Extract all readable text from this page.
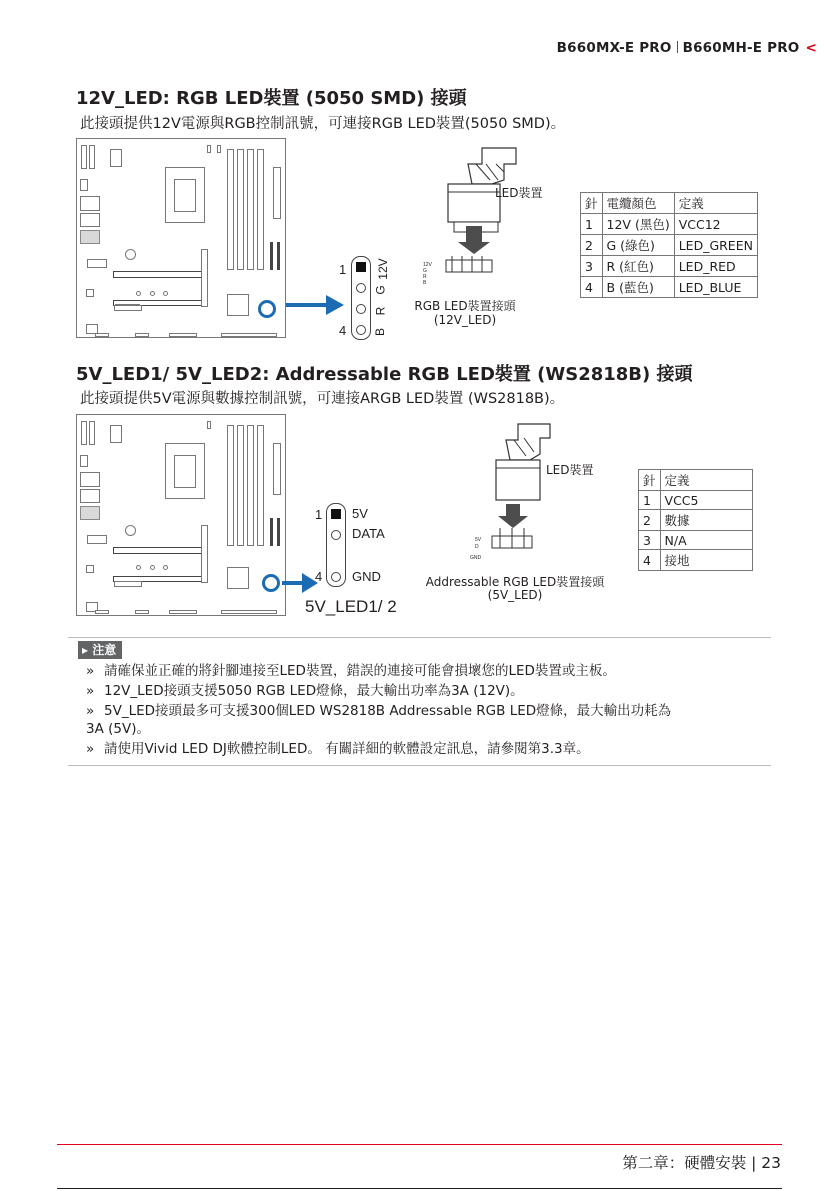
B660MX-E PRO B660MH-E PRO <
12V_LED: RGB LED裝置 (5050 SMD) 接頭
此接頭提供12V電源與RGB控制訊號，可連接RGB LED裝置(5050 SMD)。
1
4
12V
G
R
B
12V
G
R
B
LED裝置
RGB LED裝置接頭
(12V_LED)
針	電纜顏色	定義
1	12V (黑色)	VCC12
2	G (綠色)	LED_GREEN
3	R (紅色)	LED_RED
4	B (藍色)	LED_BLUE
5V_LED1/ 5V_LED2: Addressable RGB LED裝置 (WS2818B) 接頭
此接頭提供5V電源與數據控制訊號，可連接ARGB LED裝置 (WS2818B)。
1
4
5V
DATA
GND
5V_LED1/ 2
5V
D
GND
LED裝置
Addressable RGB LED裝置接頭
(5V_LED)
針	定義
1	VCC5
2	數據
3	N/A
4	接地
▸ 注意
» 請確保並正確的將針腳連接至LED裝置，錯誤的連接可能會損壞您的LED裝置或主板。
» 12V_LED接頭支援5050 RGB LED燈條，最大輸出功率為3A (12V)。
» 5V_LED接頭最多可支援300個LED WS2818B Addressable RGB LED燈條，最大輸出功耗為
3A (5V)。
» 請使用Vivid LED DJ軟體控制LED。 有關詳細的軟體設定訊息，請參閱第3.3章。
第二章：硬體安裝 | 23
